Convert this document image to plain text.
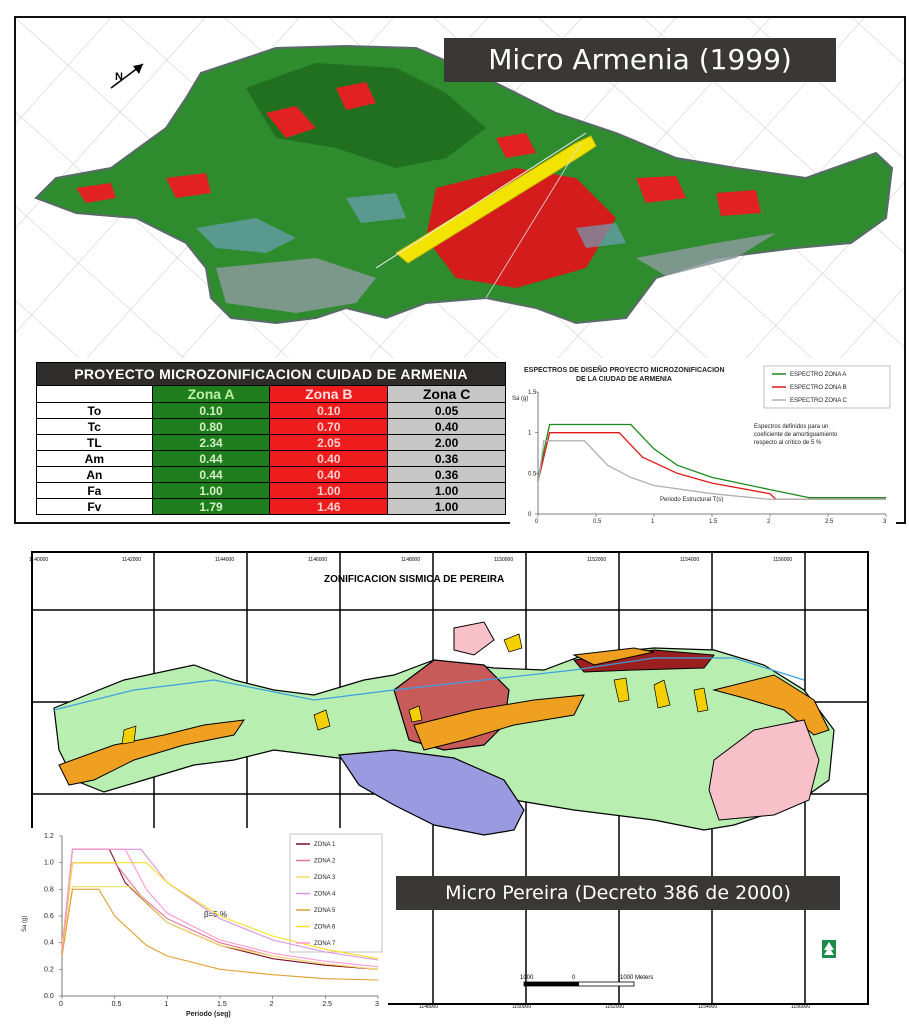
N
Micro Armenia (1999)
PROYECTO MICROZONIFICACION CUIDAD DE ARMENIA			
	Zona A	Zona B	Zona C
To	0.10	0.10	0.05
Tc	0.80	0.70	0.40
TL	2.34	2.05	2.00
Am	0.44	0.40	0.36
An	0.44	0.40	0.36
Fa	1.00	1.00	1.00
Fv	1.79	1.46	1.00
ESPECTROS DE DISEÑO PROYECTO MICROZONIFICACION
DE LA CIUDAD DE ARMENIA
Sa (g)
Periodo Estructural T(s)
Espectros definidos para un
coeficiente de amortiguamiento
respecto al crítico de 5 %
0	0.5	1	1.5	2	2.5	3
0
0.5
1
1.5
ESPECTRO ZONA A
ESPECTRO ZONA B
ESPECTRO ZONA C
ZONIFICACION SISMICA DE PEREIRA
1140000	1142000	1144000	1146000	1148000	1150000	1152000	1154000	1156000
1148000	1150000	1152000	1154000	1156000
1000	0	1000 Meters
Micro Pereira (Decreto 386 de 2000)
β=5 %
Periodo (seg)
Sa (g)
0	0.5	1	1.5	2	2.5	3
0.0
0.2
0.4
0.6
0.8
1.0
1.2
ZONA 1
ZONA 2
ZONA 3
ZONA 4
ZONA 5
ZONA 6
ZONA 7
